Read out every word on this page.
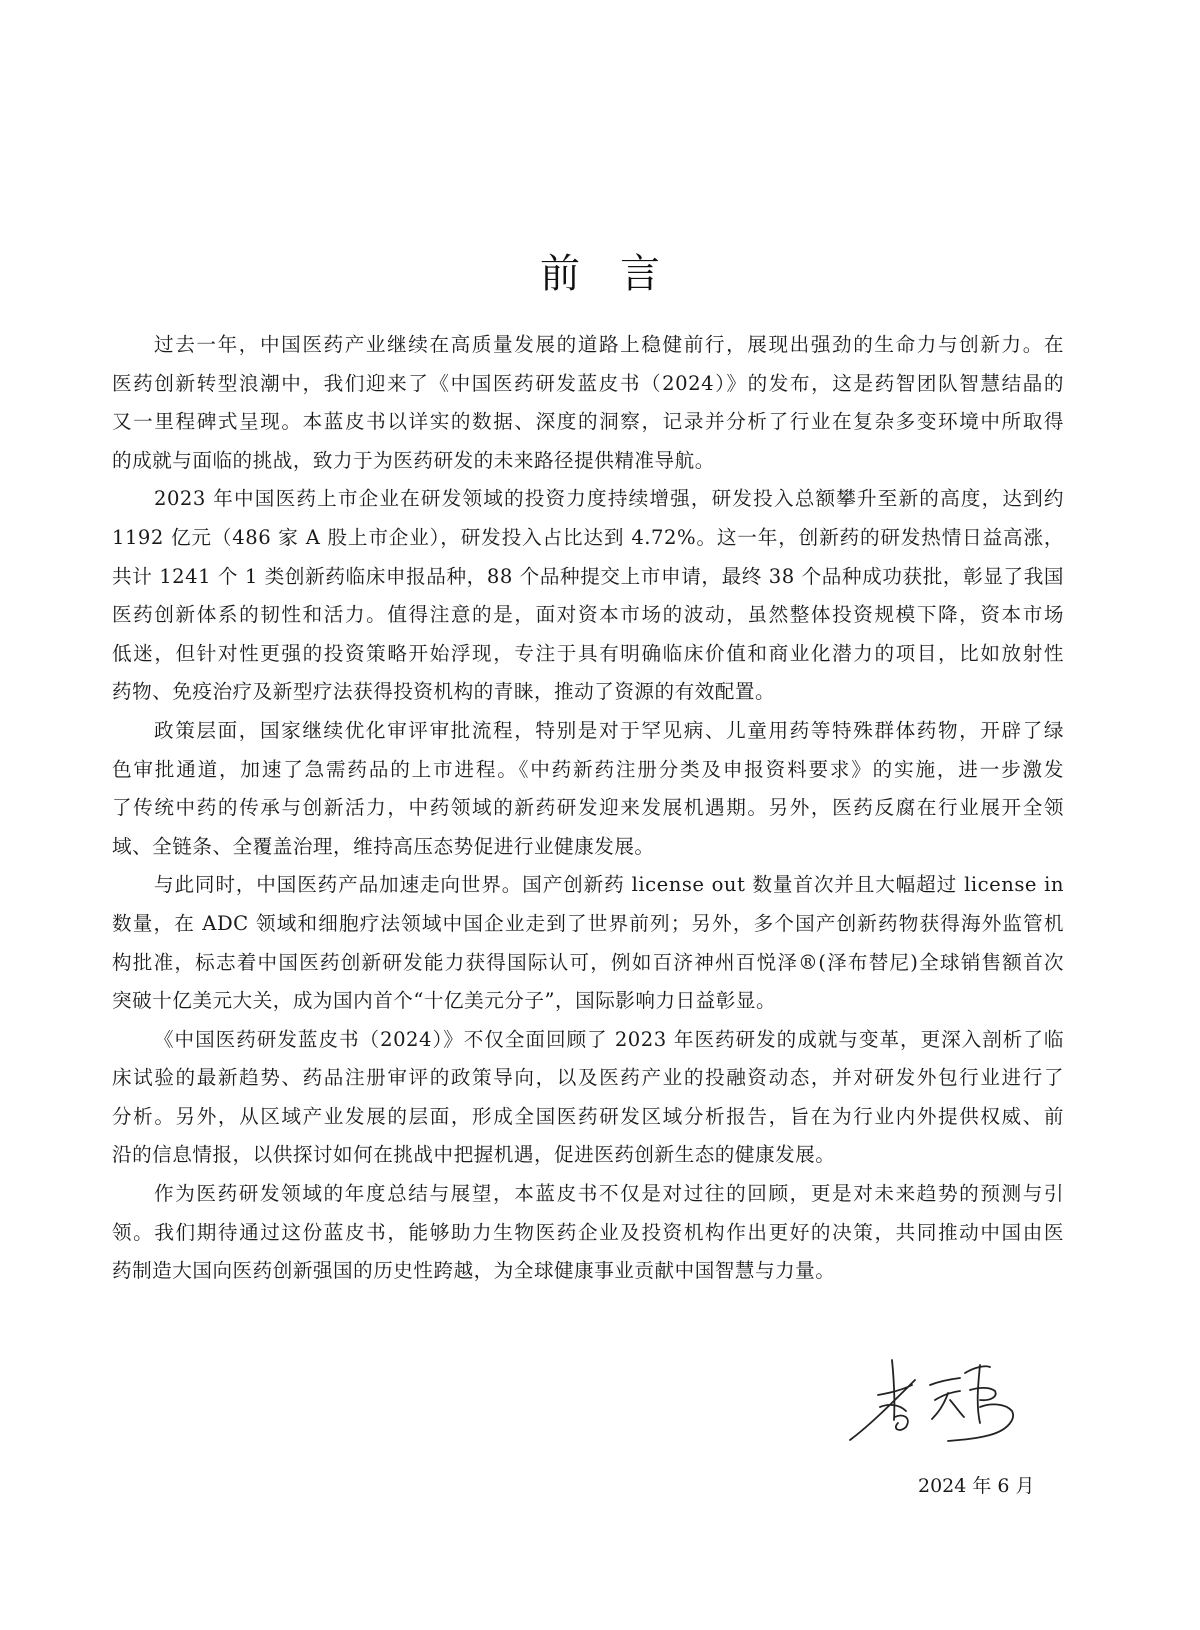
前言
过去一年，中国医药产业继续在高质量发展的道路上稳健前行，展现出强劲的生命力与创新力。在
医药创新转型浪潮中，我们迎来了《中国医药研发蓝皮书（2024）》的发布，这是药智团队智慧结晶的
又一里程碑式呈现。本蓝皮书以详实的数据、深度的洞察，记录并分析了行业在复杂多变环境中所取得
的成就与面临的挑战，致力于为医药研发的未来路径提供精准导航。
2023 年中国医药上市企业在研发领域的投资力度持续增强，研发投入总额攀升至新的高度，达到约
1192 亿元（486 家 A 股上市企业），研发投入占比达到 4.72%。这一年，创新药的研发热情日益高涨，
共计 1241 个 1 类创新药临床申报品种，88 个品种提交上市申请，最终 38 个品种成功获批，彰显了我国
医药创新体系的韧性和活力。值得注意的是，面对资本市场的波动，虽然整体投资规模下降，资本市场
低迷，但针对性更强的投资策略开始浮现，专注于具有明确临床价值和商业化潜力的项目，比如放射性
药物、免疫治疗及新型疗法获得投资机构的青睐，推动了资源的有效配置。
政策层面，国家继续优化审评审批流程，特别是对于罕见病、儿童用药等特殊群体药物，开辟了绿
色审批通道，加速了急需药品的上市进程。《中药新药注册分类及申报资料要求》的实施，进一步激发
了传统中药的传承与创新活力，中药领域的新药研发迎来发展机遇期。另外，医药反腐在行业展开全领
域、全链条、全覆盖治理，维持高压态势促进行业健康发展。
与此同时，中国医药产品加速走向世界。国产创新药 license out 数量首次并且大幅超过 license in
数量，在 ADC 领域和细胞疗法领域中国企业走到了世界前列；另外，多个国产创新药物获得海外监管机
构批准，标志着中国医药创新研发能力获得国际认可，例如百济神州百悦泽®(泽布替尼)全球销售额首次
突破十亿美元大关，成为国内首个“十亿美元分子”，国际影响力日益彰显。
《中国医药研发蓝皮书（2024）》不仅全面回顾了 2023 年医药研发的成就与变革，更深入剖析了临
床试验的最新趋势、药品注册审评的政策导向，以及医药产业的投融资动态，并对研发外包行业进行了
分析。另外，从区域产业发展的层面，形成全国医药研发区域分析报告，旨在为行业内外提供权威、前
沿的信息情报，以供探讨如何在挑战中把握机遇，促进医药创新生态的健康发展。
作为医药研发领域的年度总结与展望，本蓝皮书不仅是对过往的回顾，更是对未来趋势的预测与引
领。我们期待通过这份蓝皮书，能够助力生物医药企业及投资机构作出更好的决策，共同推动中国由医
药制造大国向医药创新强国的历史性跨越，为全球健康事业贡献中国智慧与力量。
2024 年 6 月
